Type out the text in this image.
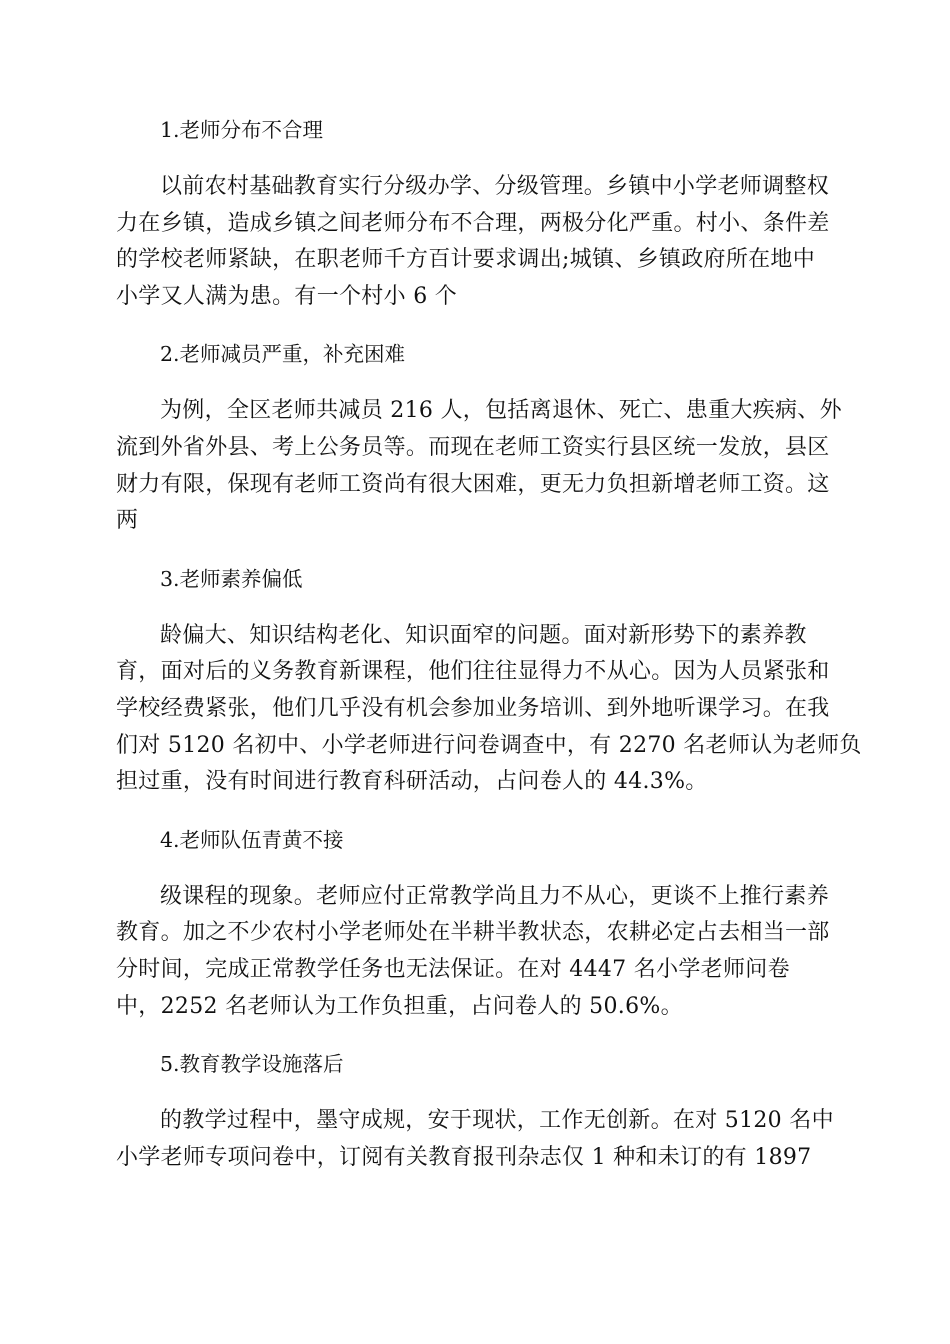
1.老师分布不合理

以前农村基础教育实行分级办学、分级管理。乡镇中小学老师调整权
力在乡镇，造成乡镇之间老师分布不合理，两极分化严重。村小、条件差
的学校老师紧缺，在职老师千方百计要求调出;城镇、乡镇政府所在地中
小学又人满为患。有一个村小 6 个

2.老师减员严重，补充困难

为例，全区老师共减员 216 人，包括离退休、死亡、患重大疾病、外
流到外省外县、考上公务员等。而现在老师工资实行县区统一发放，县区
财力有限，保现有老师工资尚有很大困难，更无力负担新增老师工资。这
两

3.老师素养偏低

龄偏大、知识结构老化、知识面窄的问题。面对新形势下的素养教
育，面对后的义务教育新课程，他们往往显得力不从心。因为人员紧张和
学校经费紧张，他们几乎没有机会参加业务培训、到外地听课学习。在我
们对 5120 名初中、小学老师进行问卷调查中，有 2270 名老师认为老师负
担过重，没有时间进行教育科研活动，占问卷人的 44.3%。

4.老师队伍青黄不接

级课程的现象。老师应付正常教学尚且力不从心，更谈不上推行素养
教育。加之不少农村小学老师处在半耕半教状态，农耕必定占去相当一部
分时间，完成正常教学任务也无法保证。在对 4447 名小学老师问卷
中，2252 名老师认为工作负担重，占问卷人的 50.6%。

5.教育教学设施落后

的教学过程中，墨守成规，安于现状，工作无创新。在对 5120 名中
小学老师专项问卷中，订阅有关教育报刊杂志仅 1 种和未订的有 1897
